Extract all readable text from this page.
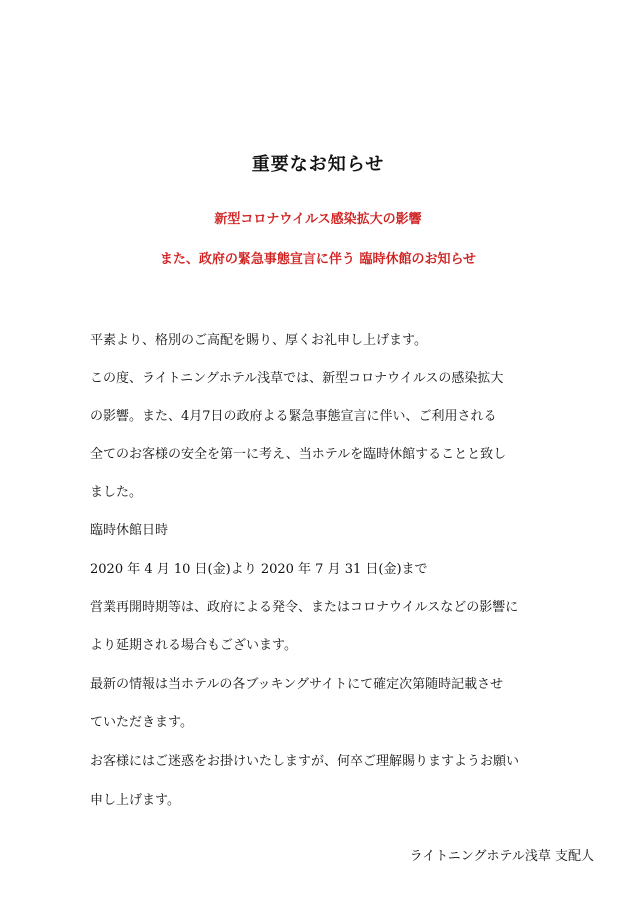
重要なお知らせ
新型コロナウイルス感染拡大の影響
また、政府の緊急事態宣言に伴う 臨時休館のお知らせ
平素より、格別のご高配を賜り、厚くお礼申し上げます。
この度、ライトニングホテル浅草では、新型コロナウイルスの感染拡大
の影響。また、4月7日の政府よる緊急事態宣言に伴い、ご利用される
全てのお客様の安全を第一に考え、当ホテルを臨時休館することと致し
ました。
臨時休館日時
2020 年 4 月 10 日(金)より 2020 年 7 月 31 日(金)まで
営業再開時期等は、政府による発令、またはコロナウイルスなどの影響に
より延期される場合もございます。
最新の情報は当ホテルの各ブッキングサイトにて確定次第随時記載させ
ていただきます。
お客様にはご迷惑をお掛けいたしますが、何卒ご理解賜りますようお願い
申し上げます。
ライトニングホテル浅草 支配人
